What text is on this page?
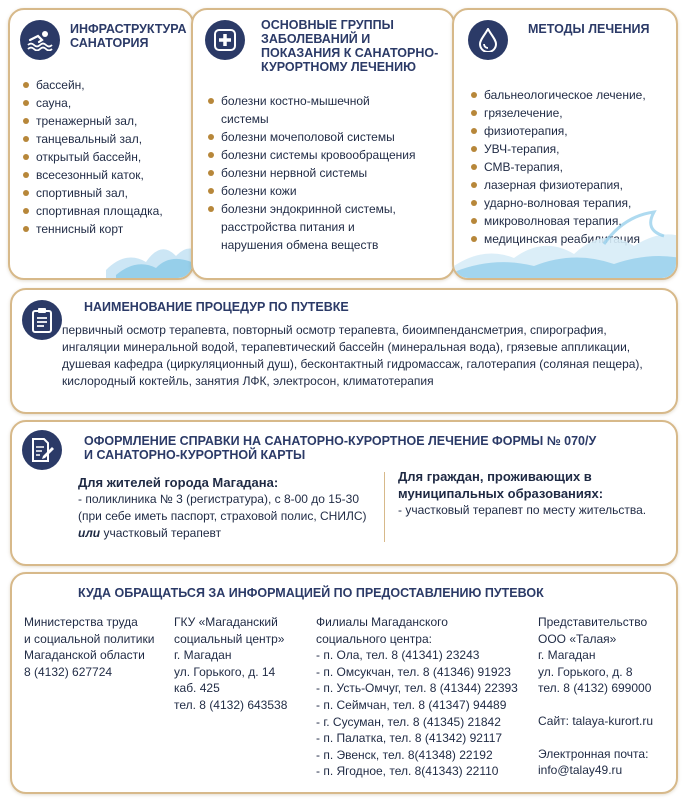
ИНФРАСТРУКТУРА САНАТОРИЯ
бассейн,
сауна,
тренажерный зал,
танцевальный зал,
открытый бассейн,
всесезонный каток,
спортивный зал,
спортивная площадка,
теннисный корт
ОСНОВНЫЕ ГРУППЫ ЗАБОЛЕВАНИЙ И ПОКАЗАНИЯ К САНАТОРНО-КУРОРТНОМУ ЛЕЧЕНИЮ
болезни костно-мышечной системы
болезни мочеполовой системы
болезни системы кровообращения
болезни нервной системы
болезни кожи
болезни эндокринной системы, расстройства питания и нарушения обмена веществ
МЕТОДЫ ЛЕЧЕНИЯ
бальнеологическое лечение,
грязелечение,
физиотерапия,
УВЧ-терапия,
СМВ-терапия,
лазерная физиотерапия,
ударно-волновая терапия,
микроволновая терапия,
медицинская реабилитация
НАИМЕНОВАНИЕ ПРОЦЕДУР ПО ПУТЕВКЕ
первичный осмотр терапевта, повторный осмотр терапевта, биоимпендансметрия, спирография,
ингаляции минеральной водой, терапевтический бассейн (минеральная вода), грязевые аппликации,
душевая кафедра (циркуляционный душ), бесконтактный гидромассаж, галотерапия (соляная пещера),
кислородный коктейль, занятия ЛФК, электросон, климатотерапия
ОФОРМЛЕНИЕ СПРАВКИ НА САНАТОРНО-КУРОРТНОЕ ЛЕЧЕНИЕ ФОРМЫ № 070/У
И САНАТОРНО-КУРОРТНОЙ КАРТЫ
Для жителей города Магадана:
- поликлиника № 3 (регистратура), с 8-00 до 15-30
(при себе иметь паспорт, страховой полис, СНИЛС)
или участковый терапевт
Для граждан, проживающих в
муниципальных образованиях:
- участковый терапевт по месту жительства.
КУДА ОБРАЩАТЬСЯ ЗА ИНФОРМАЦИЕЙ ПО ПРЕДОСТАВЛЕНИЮ ПУТЕВОК
Министерства труда
и социальной политики
Магаданской области
8 (4132) 627724
ГКУ «Магаданский
социальный центр»
г. Магадан
ул. Горького, д. 14
каб. 425
тел. 8 (4132) 643538
Филиалы Магаданского
социального центра:
- п. Ола, тел. 8 (41341) 23243
- п. Омсукчан, тел. 8 (41346) 91923
- п. Усть-Омчуг, тел. 8 (41344) 22393
- п. Сеймчан, тел. 8 (41347) 94489
- г. Сусуман, тел. 8 (41345) 21842
- п. Палатка, тел. 8 (41342) 92117
- п. Эвенск, тел. 8(41348) 22192
- п. Ягодное, тел. 8(41343) 22110
Представительство
ООО «Талая»
г. Магадан
ул. Горького, д. 8
тел. 8 (4132) 699000
Сайт: talaya-kurort.ru
Электронная почта:
info@talay49.ru
